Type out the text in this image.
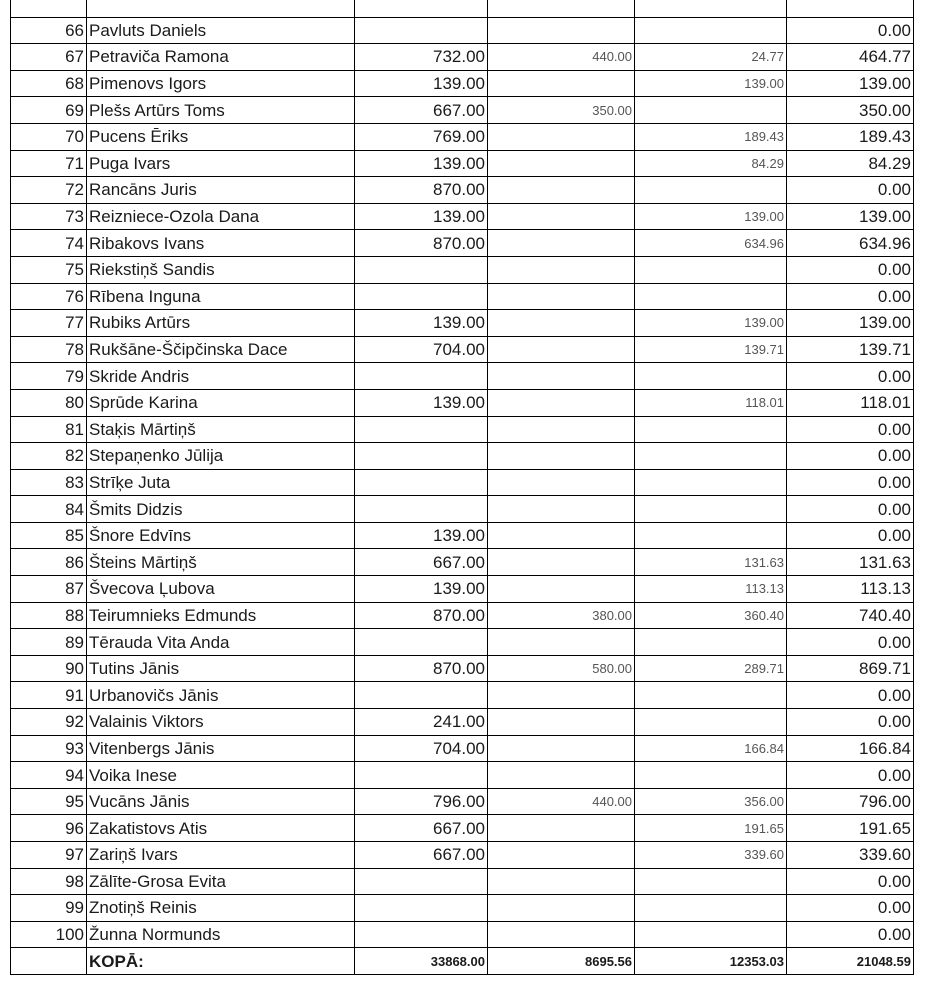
66	Pavluts Daniels				0.00
67	Petraviča Ramona	732.00	440.00	24.77	464.77
68	Pimenovs Igors	139.00		139.00	139.00
69	Plešs Artūrs Toms	667.00	350.00		350.00
70	Pucens Ēriks	769.00		189.43	189.43
71	Puga Ivars	139.00		84.29	84.29
72	Rancāns Juris	870.00			0.00
73	Reizniece-Ozola Dana	139.00		139.00	139.00
74	Ribakovs Ivans	870.00		634.96	634.96
75	Riekstiņš Sandis				0.00
76	Rībena Inguna				0.00
77	Rubiks Artūrs	139.00		139.00	139.00
78	Rukšāne-Ščipčinska Dace	704.00		139.71	139.71
79	Skride Andris				0.00
80	Sprūde Karina	139.00		118.01	118.01
81	Staķis Mārtiņš				0.00
82	Stepaņenko Jūlija				0.00
83	Strīķe Juta				0.00
84	Šmits Didzis				0.00
85	Šnore Edvīns	139.00			0.00
86	Šteins Mārtiņš	667.00		131.63	131.63
87	Švecova Ļubova	139.00		113.13	113.13
88	Teirumnieks Edmunds	870.00	380.00	360.40	740.40
89	Tērauda Vita Anda				0.00
90	Tutins Jānis	870.00	580.00	289.71	869.71
91	Urbanovičs Jānis				0.00
92	Valainis Viktors	241.00			0.00
93	Vitenbergs Jānis	704.00		166.84	166.84
94	Voika Inese				0.00
95	Vucāns Jānis	796.00	440.00	356.00	796.00
96	Zakatistovs Atis	667.00		191.65	191.65
97	Zariņš Ivars	667.00		339.60	339.60
98	Zālīte-Grosa Evita				0.00
99	Znotiņš Reinis				0.00
100	Žunna Normunds				0.00
	KOPĀ:	33868.00	8695.56	12353.03	21048.59
